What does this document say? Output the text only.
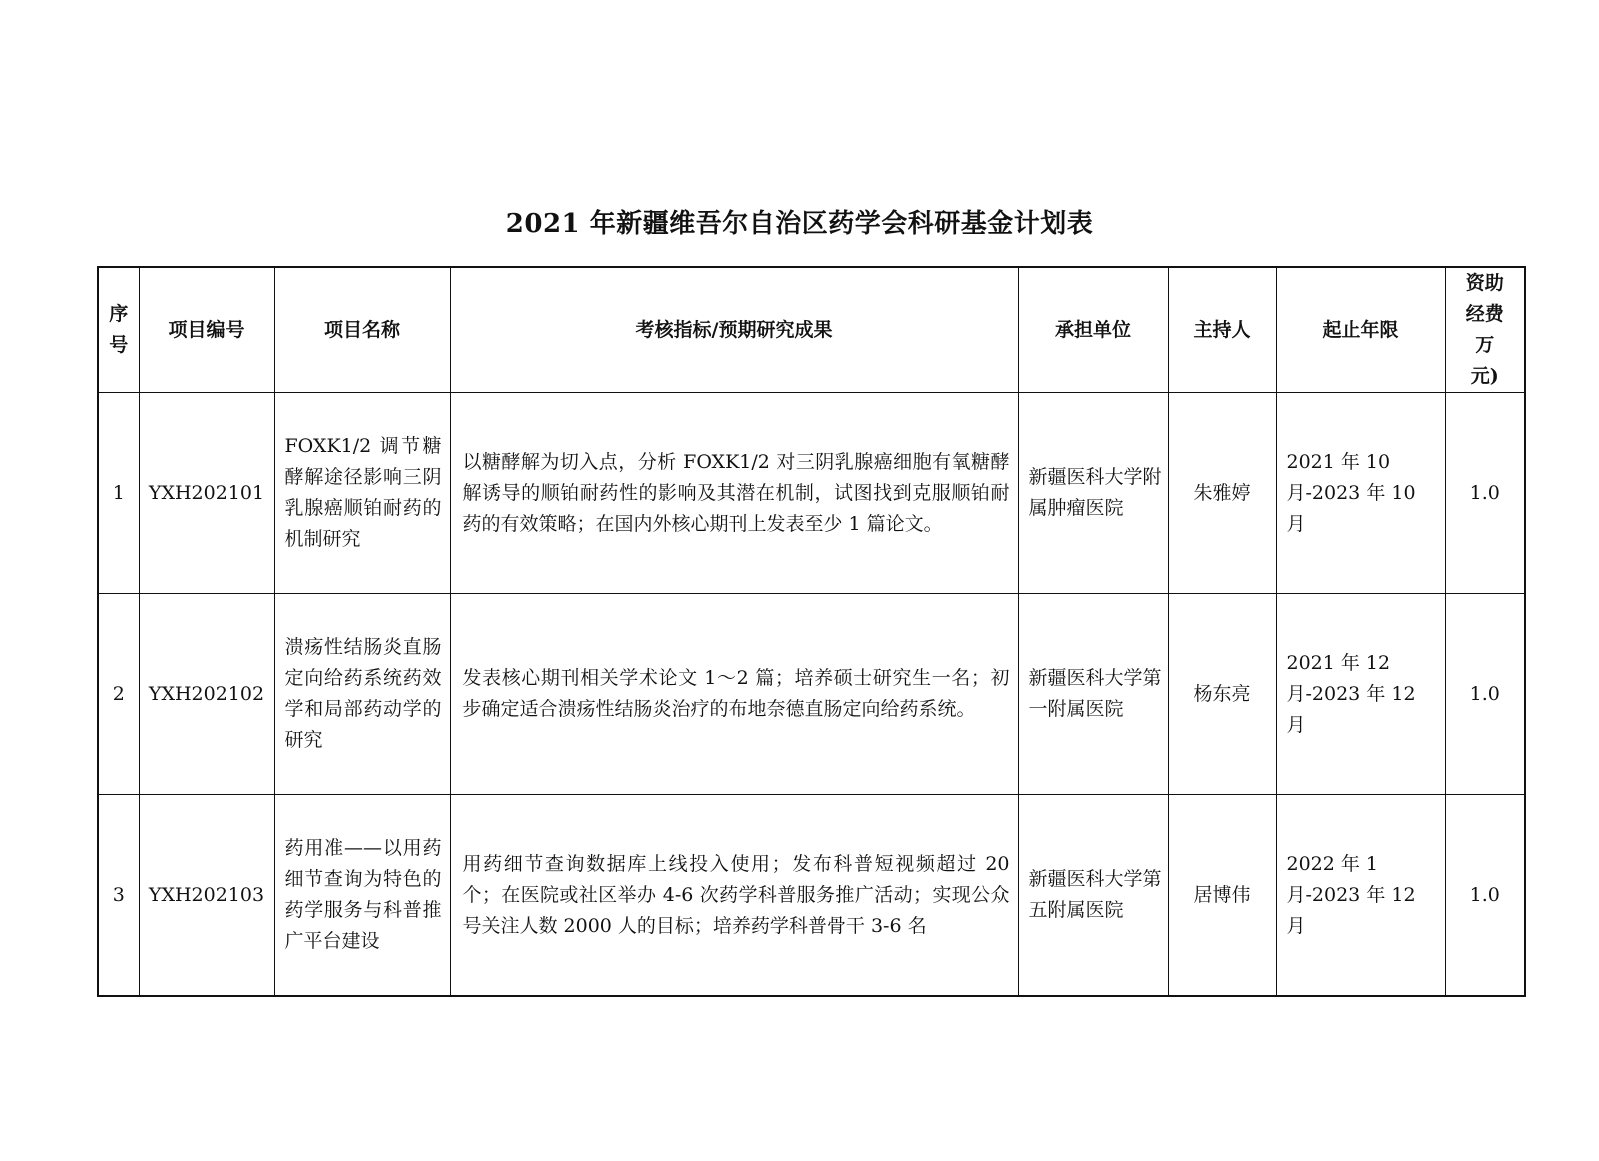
2021 年新疆维吾尔自治区药学会科研基金计划表
序号	项目编号	项目名称	考核指标/预期研究成果	承担单位	主持人	起止年限	资助经费万元)

1	YXH202101	FOXK1/2 调节糖酵解途径影响三阴乳腺癌顺铂耐药的机制研究	以糖酵解为切入点，分析 FOXK1/2 对三阴乳腺癌细胞有氧糖酵解诱导的顺铂耐药性的影响及其潜在机制，试图找到克服顺铂耐药的有效策略；在国内外核心期刊上发表至少 1 篇论文。	新疆医科大学附属肿瘤医院	朱雅婷	2021 年 10 月-2023 年 10 月	1.0
2	YXH202102	溃疡性结肠炎直肠定向给药系统药效学和局部药动学的研究	发表核心期刊相关学术论文 1～2 篇；培养硕士研究生一名；初步确定适合溃疡性结肠炎治疗的布地奈德直肠定向给药系统。	新疆医科大学第一附属医院	杨东亮	2021 年 12 月-2023 年 12 月	1.0
3	YXH202103	药用准——以用药细节查询为特色的药学服务与科普推广平台建设	用药细节查询数据库上线投入使用；发布科普短视频超过 20 个；在医院或社区举办 4-6 次药学科普服务推广活动；实现公众号关注人数 2000 人的目标；培养药学科普骨干 3-6 名	新疆医科大学第五附属医院	居博伟	2022 年 1 月-2023 年 12 月	1.0
